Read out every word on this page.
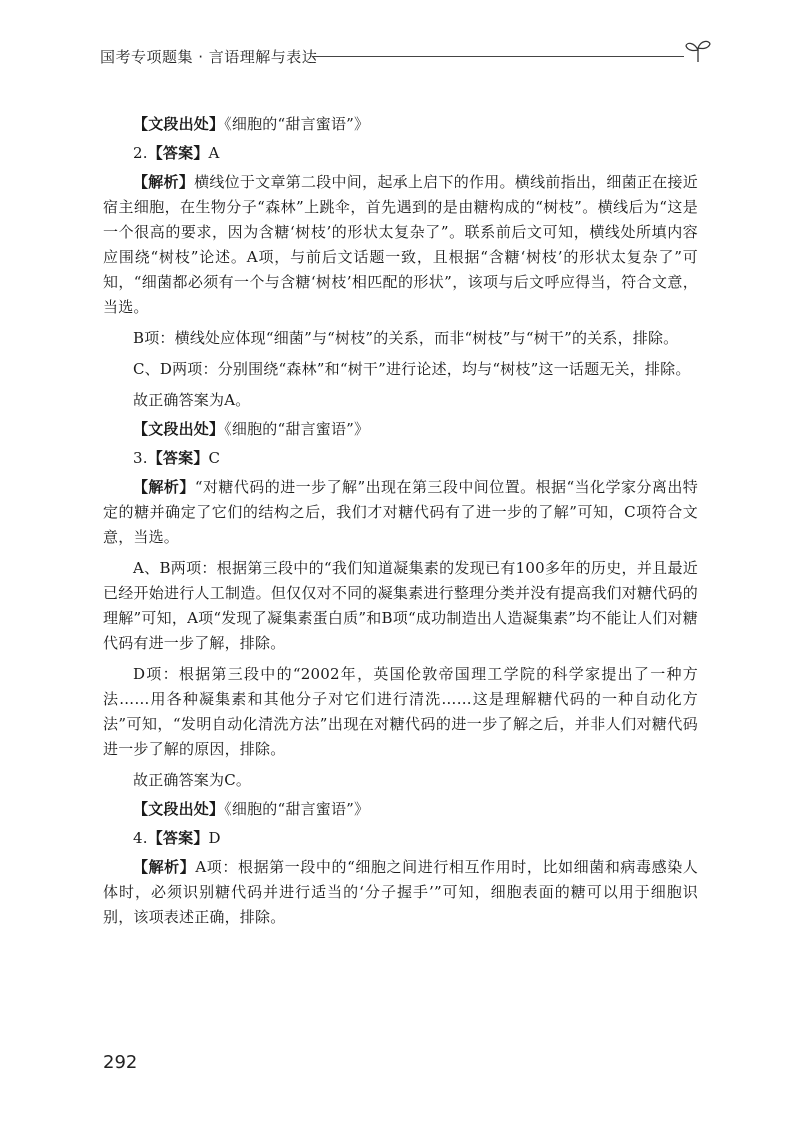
国考专项题集 · 言语理解与表达

【文段出处】《细胞的“甜言蜜语”》

2.【答案】A

【解析】横线位于文章第二段中间，起承上启下的作用。横线前指出，细菌正在接近宿主细胞，在生物分子“森林”上跳伞，首先遇到的是由糖构成的“树枝”。横线后为“这是一个很高的要求，因为含糖‘树枝’的形状太复杂了”。联系前后文可知，横线处所填内容应围绕“树枝”论述。A项，与前后文话题一致，且根据“含糖‘树枝’的形状太复杂了”可知，“细菌都必须有一个与含糖‘树枝’相匹配的形状”，该项与后文呼应得当，符合文意，当选。

B项：横线处应体现“细菌”与“树枝”的关系，而非“树枝”与“树干”的关系，排除。

C、D两项：分别围绕“森林”和“树干”进行论述，均与“树枝”这一话题无关，排除。

故正确答案为A。

【文段出处】《细胞的“甜言蜜语”》

3.【答案】C

【解析】“对糖代码的进一步了解”出现在第三段中间位置。根据“当化学家分离出特定的糖并确定了它们的结构之后，我们才对糖代码有了进一步的了解”可知，C项符合文意，当选。

A、B两项：根据第三段中的“我们知道凝集素的发现已有100多年的历史，并且最近已经开始进行人工制造。但仅仅对不同的凝集素进行整理分类并没有提高我们对糖代码的理解”可知，A项“发现了凝集素蛋白质”和B项“成功制造出人造凝集素”均不能让人们对糖代码有进一步了解，排除。

D项：根据第三段中的“2002年，英国伦敦帝国理工学院的科学家提出了一种方法……用各种凝集素和其他分子对它们进行清洗……这是理解糖代码的一种自动化方法”可知，“发明自动化清洗方法”出现在对糖代码的进一步了解之后，并非人们对糖代码进一步了解的原因，排除。

故正确答案为C。

【文段出处】《细胞的“甜言蜜语”》

4.【答案】D

【解析】A项：根据第一段中的“细胞之间进行相互作用时，比如细菌和病毒感染人体时，必须识别糖代码并进行适当的‘分子握手’”可知，细胞表面的糖可以用于细胞识别，该项表述正确，排除。

292
